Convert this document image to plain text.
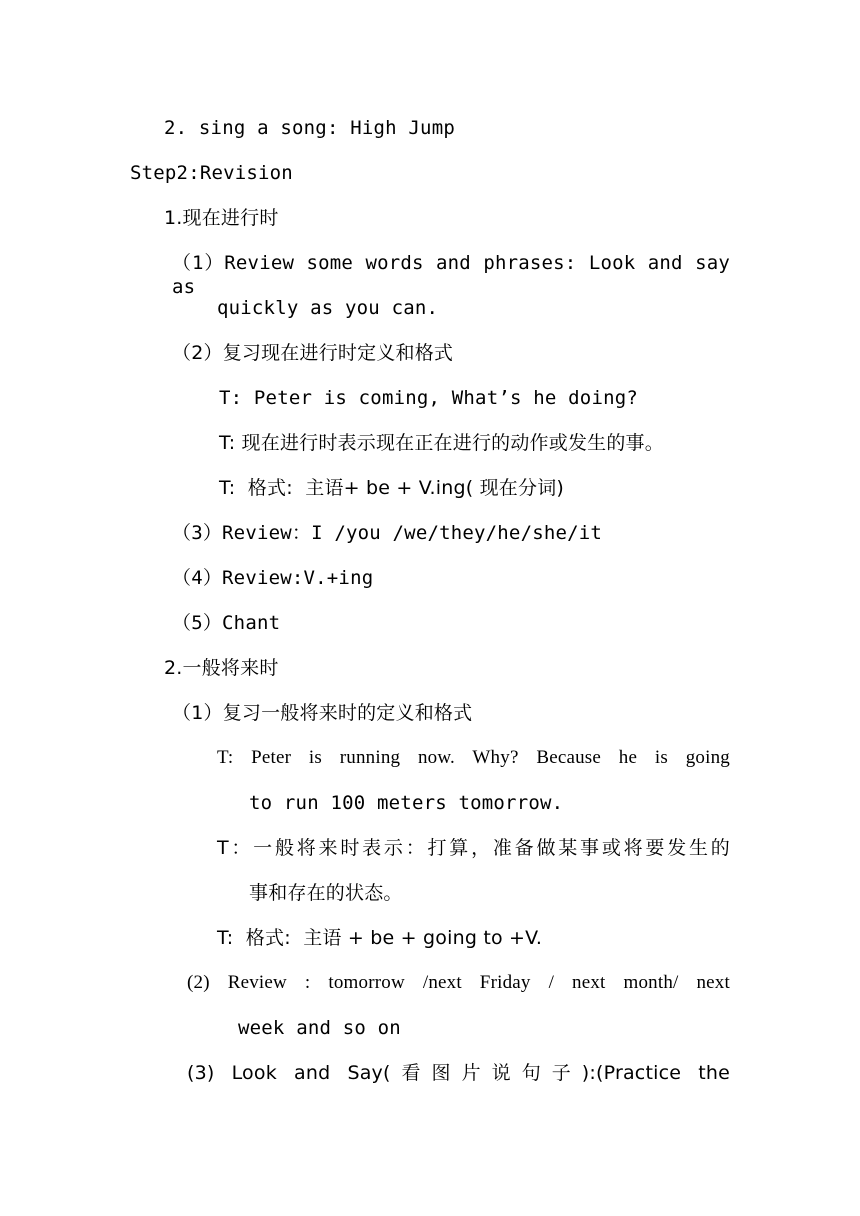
2. sing a song: High Jump
Step2:Revision
1.现在进行时
（1）Review some words and phrases: Look and say as
quickly as you can.
（2）复习现在进行时定义和格式
T: Peter is coming, What’s he doing?
T: 现在进行时表示现在正在进行的动作或发生的事。
T:  格式:  主语+ be + V.ing( 现在分词)
（3）Review：I /you /we/they/he/she/it
（4）Review:V.+ing
（5）Chant
2.一般将来时
（1）复习一般将来时的定义和格式
T: Peter is running now. Why? Because he is going
to run 100 meters tomorrow.
T：一般将来时表示：打算，准备做某事或将要发生的
事和存在的状态。
T:  格式:  主语 + be + going to +V.
(2) Review : tomorrow /next Friday / next month/ next
week and so on
(3) Look and Say(看图片说句子):(Practice the
